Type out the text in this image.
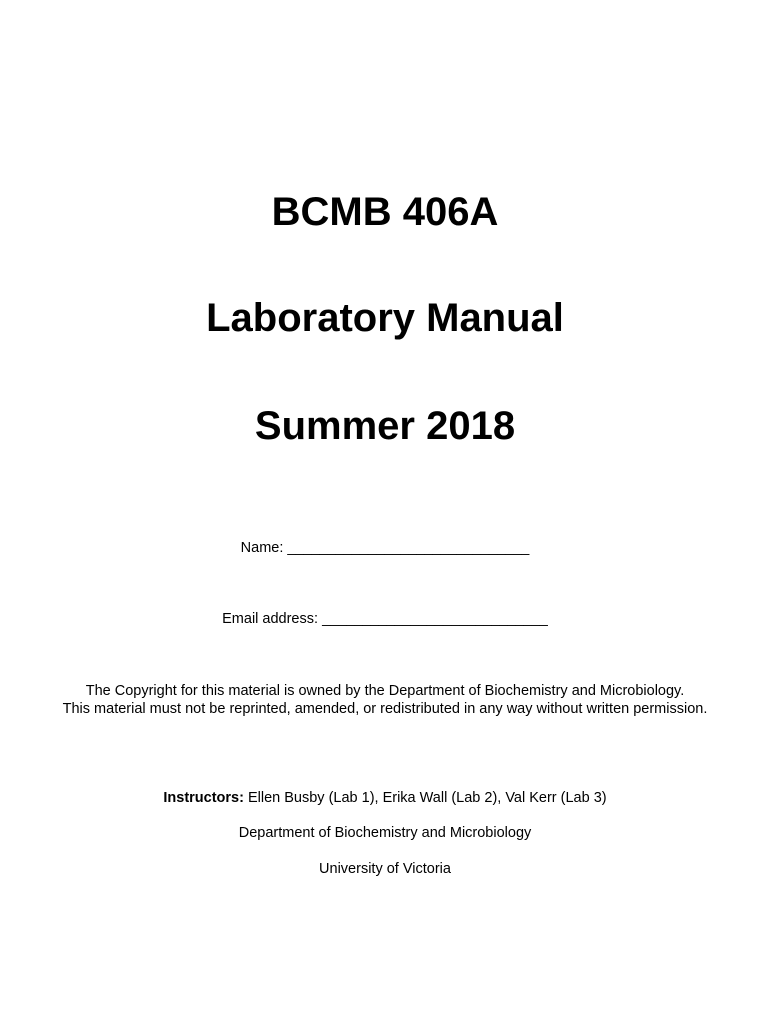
BCMB 406A
Laboratory Manual
Summer 2018
Name: ______________________________
Email address: ____________________________
The Copyright for this material is owned by the Department of Biochemistry and Microbiology.
This material must not be reprinted, amended, or redistributed in any way without written permission.
Instructors: Ellen Busby (Lab 1), Erika Wall (Lab 2), Val Kerr (Lab 3)
Department of Biochemistry and Microbiology
University of Victoria
